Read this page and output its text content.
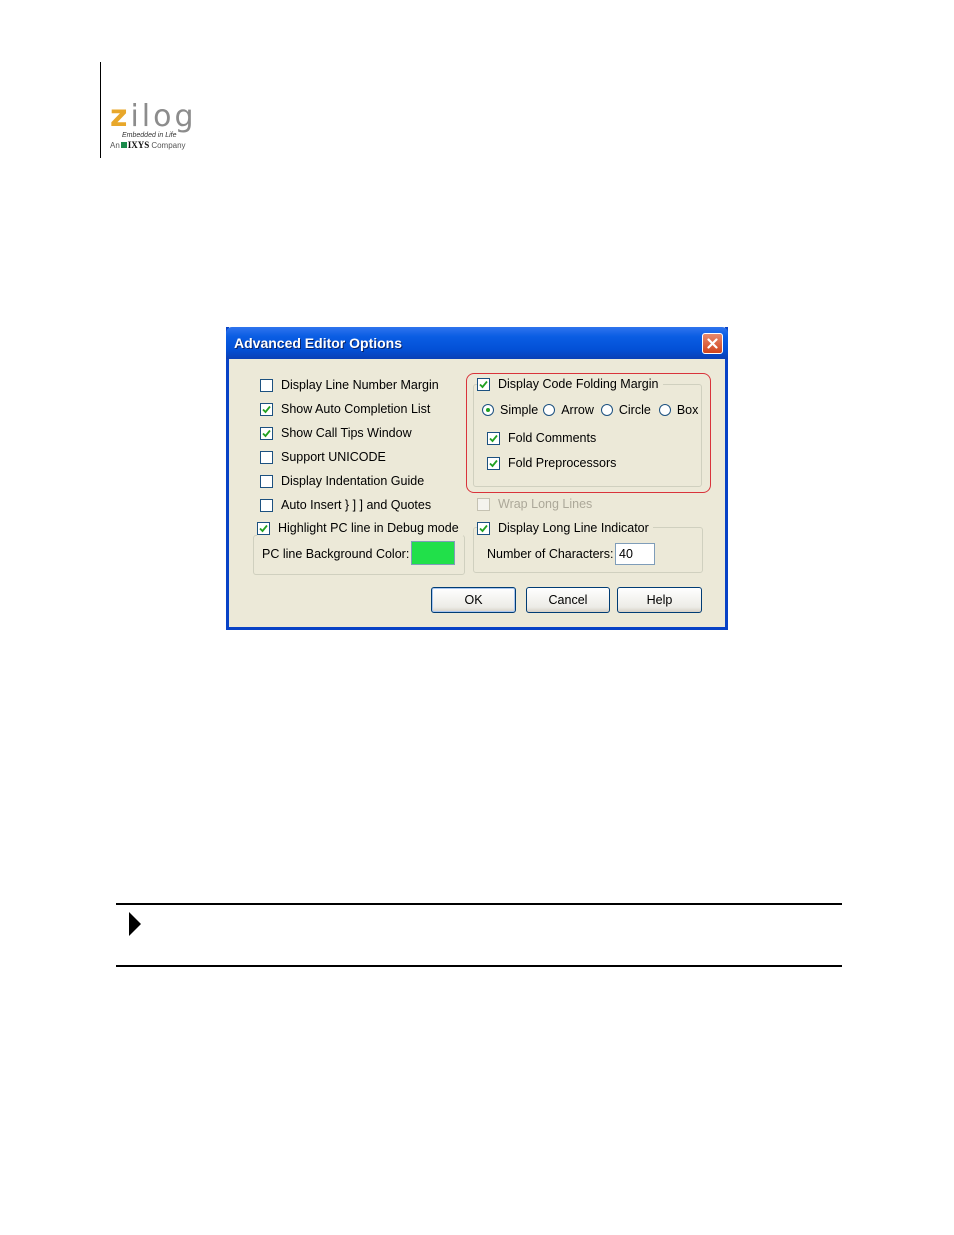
zilog
Embedded in Life
An IXYS Company
Advanced Editor Options
Display Line Number Margin
Show Auto Completion List
Show Call Tips Window
Support UNICODE
Display Indentation Guide
Auto Insert } ] ] and Quotes
Highlight PC line in Debug mode
PC line Background Color:
Display Code Folding Margin
Simple Arrow Circle Box
Fold Comments
Fold Preprocessors
Wrap Long Lines
Display Long Line Indicator
Number of Characters:
40
OK	Cancel	Help
